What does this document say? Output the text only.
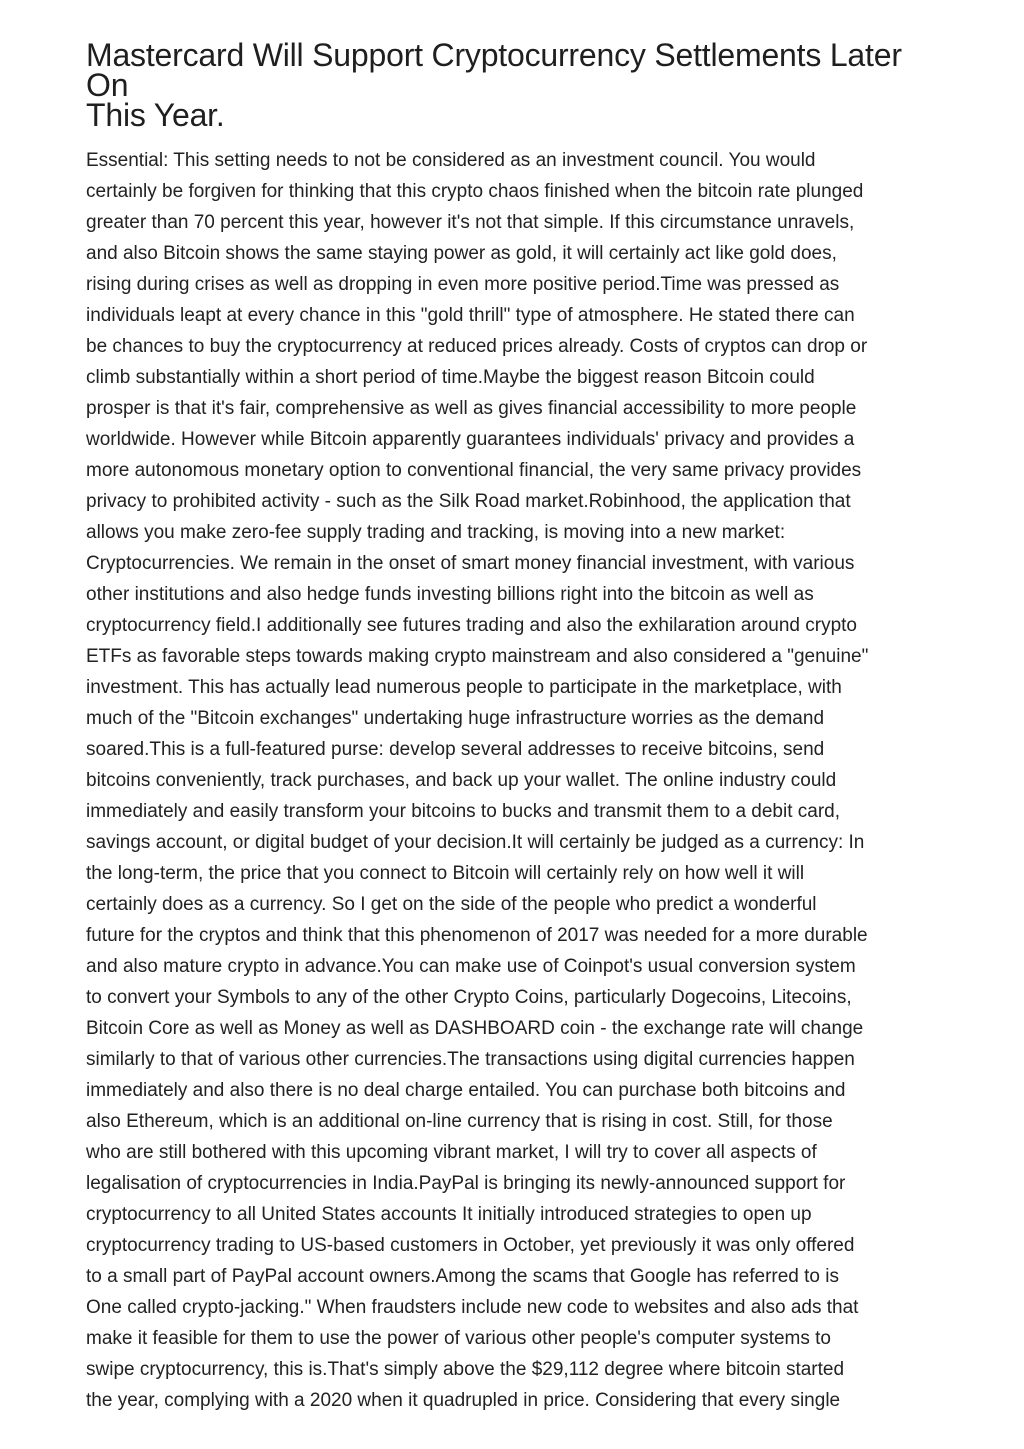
Mastercard Will Support Cryptocurrency Settlements Later On
This Year.

Essential: This setting needs to not be considered as an investment council. You would

certainly be forgiven for thinking that this crypto chaos finished when the bitcoin rate plunged

greater than 70 percent this year, however it's not that simple. If this circumstance unravels,

and also Bitcoin shows the same staying power as gold, it will certainly act like gold does,

rising during crises as well as dropping in even more positive period.Time was pressed as

individuals leapt at every chance in this "gold thrill" type of atmosphere. He stated there can

be chances to buy the cryptocurrency at reduced prices already. Costs of cryptos can drop or

climb substantially within a short period of time.Maybe the biggest reason Bitcoin could

prosper is that it's fair, comprehensive as well as gives financial accessibility to more people

worldwide. However while Bitcoin apparently guarantees individuals' privacy and provides a

more autonomous monetary option to conventional financial, the very same privacy provides

privacy to prohibited activity - such as the Silk Road market.Robinhood, the application that

allows you make zero-fee supply trading and tracking, is moving into a new market:

Cryptocurrencies. We remain in the onset of smart money financial investment, with various

other institutions and also hedge funds investing billions right into the bitcoin as well as

cryptocurrency field.I additionally see futures trading and also the exhilaration around crypto

ETFs as favorable steps towards making crypto mainstream and also considered a "genuine"

investment. This has actually lead numerous people to participate in the marketplace, with

much of the "Bitcoin exchanges" undertaking huge infrastructure worries as the demand

soared.This is a full-featured purse: develop several addresses to receive bitcoins, send

bitcoins conveniently, track purchases, and back up your wallet. The online industry could

immediately and easily transform your bitcoins to bucks and transmit them to a debit card,

savings account, or digital budget of your decision.It will certainly be judged as a currency: In

the long-term, the price that you connect to Bitcoin will certainly rely on how well it will

certainly does as a currency. So I get on the side of the people who predict a wonderful

future for the cryptos and think that this phenomenon of 2017 was needed for a more durable

and also mature crypto in advance.You can make use of Coinpot's usual conversion system

to convert your Symbols to any of the other Crypto Coins, particularly Dogecoins, Litecoins,

Bitcoin Core as well as Money as well as DASHBOARD coin - the exchange rate will change

similarly to that of various other currencies.The transactions using digital currencies happen

immediately and also there is no deal charge entailed. You can purchase both bitcoins and

also Ethereum, which is an additional on-line currency that is rising in cost. Still, for those

who are still bothered with this upcoming vibrant market, I will try to cover all aspects of

legalisation of cryptocurrencies in India.PayPal is bringing its newly-announced support for

cryptocurrency to all United States accounts It initially introduced strategies to open up

cryptocurrency trading to US-based customers in October, yet previously it was only offered

to a small part of PayPal account owners.Among the scams that Google has referred to is

One called crypto-jacking." When fraudsters include new code to websites and also ads that

make it feasible for them to use the power of various other people's computer systems to

swipe cryptocurrency, this is.That's simply above the $29,112 degree where bitcoin started

the year, complying with a 2020 when it quadrupled in price. Considering that every single
